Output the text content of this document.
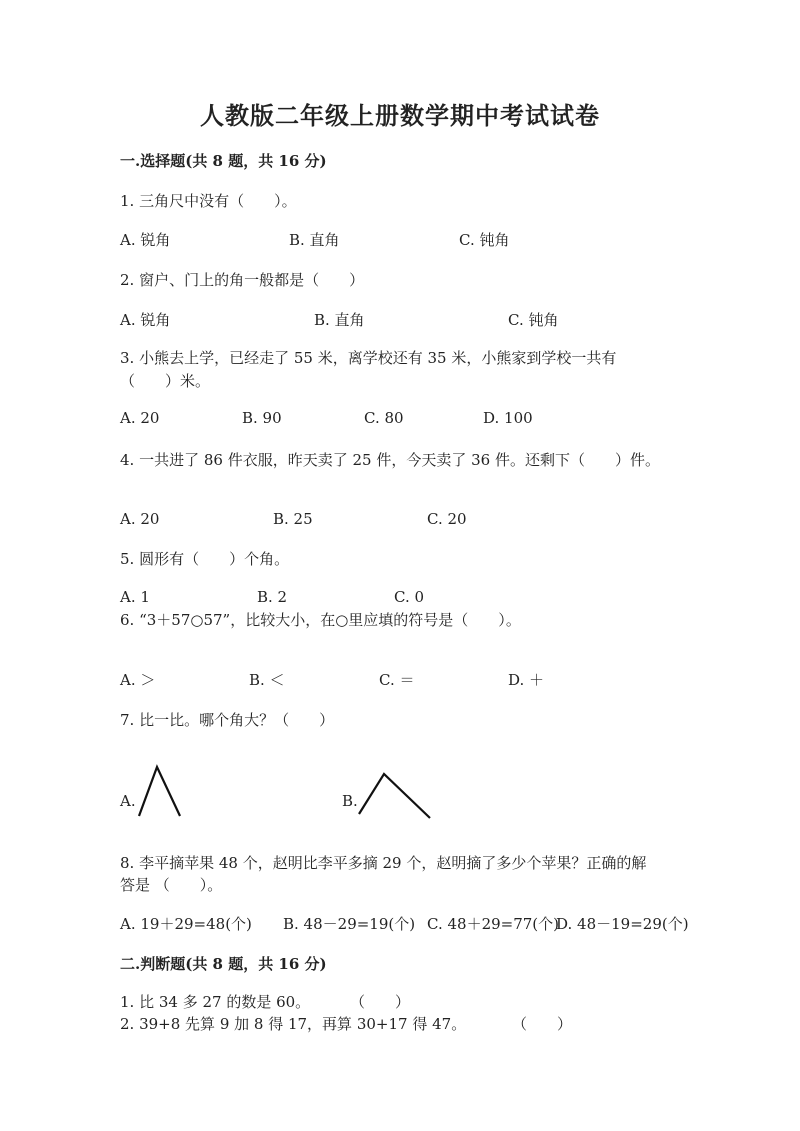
人教版二年级上册数学期中考试试卷
一.选择题(共 8 题，共 16 分)
1. 三角尺中没有（　　）。
A. 锐角	B. 直角	C. 钝角
2. 窗户、门上的角一般都是（　　）
A. 锐角	B. 直角	C. 钝角
3. 小熊去上学，已经走了 55 米，离学校还有 35 米，小熊家到学校一共有
（　　）米。
A. 20	B. 90	C. 80	D. 100
4. 一共进了 86 件衣服，昨天卖了 25 件，今天卖了 36 件。还剩下（　　）件。
A. 20	B. 25	C. 20
5. 圆形有（　　）个角。
A. 1	B. 2	C. 0
6. “3＋57○57”，比较大小，在○里应填的符号是（　　）。
A. ＞	B. ＜	C. ＝	D. ＋
7. 比一比。哪个角大？（　　）
A.	B.
8. 李平摘苹果 48 个，赵明比李平多摘 29 个，赵明摘了多少个苹果？正确的解
答是 （　　）。
A. 19＋29=48(个) B. 48－29=19(个) C. 48＋29=77(个)
D. 48－19=29(个)
二.判断题(共 8 题，共 16 分)
1. 比 34 多 27 的数是 60。	（　　）
2. 39+8 先算 9 加 8 得 17，再算 30+17 得 47。	（　　）
